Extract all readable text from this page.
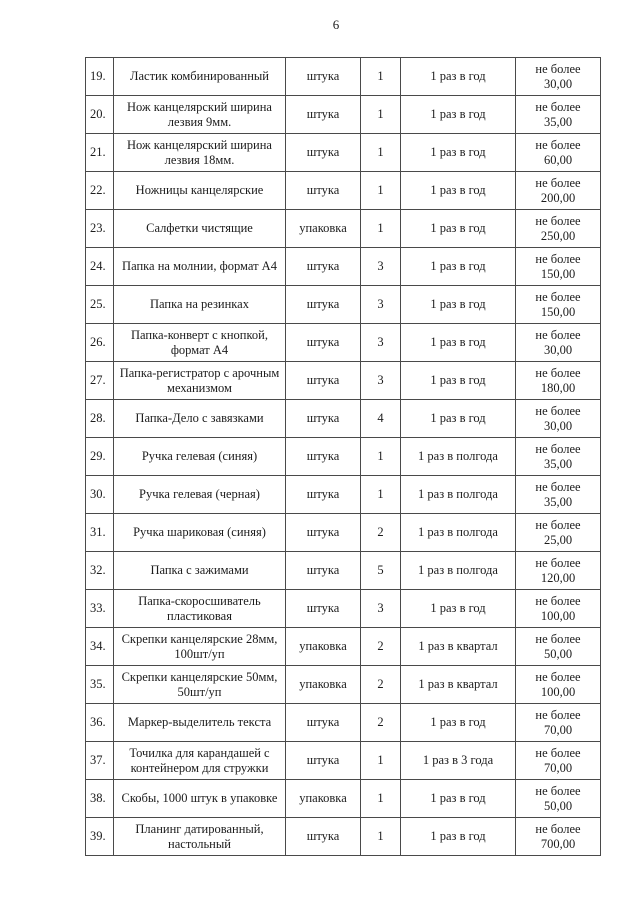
6
19.	Ластик комбинированный	штука	1	1 раз в год	не более
30,00

20.	Нож канцелярский ширина лезвия 9мм.	штука	1	1 раз в год	не более
35,00

21.	Нож канцелярский ширина лезвия 18мм.	штука	1	1 раз в год	не более
60,00

22.	Ножницы канцелярские	штука	1	1 раз в год	не более
200,00

23.	Салфетки чистящие	упаковка	1	1 раз в год	не более
250,00

24.	Папка на молнии, формат А4	штука	3	1 раз в год	не более
150,00

25.	Папка на резинках	штука	3	1 раз в год	не более
150,00

26.	Папка-конверт с кнопкой, формат А4	штука	3	1 раз в год	не более
30,00

27.	Папка-регистратор с арочным механизмом	штука	3	1 раз в год	не более
180,00

28.	Папка-Дело с завязками	штука	4	1 раз в год	не более
30,00

29.	Ручка гелевая (синяя)	штука	1	1 раз в полгода	не более
35,00

30.	Ручка гелевая (черная)	штука	1	1 раз в полгода	не более
35,00

31.	Ручка шариковая (синяя)	штука	2	1 раз в полгода	не более
25,00

32.	Папка с зажимами	штука	5	1 раз в полгода	не более
120,00

33.	Папка-скоросшиватель пластиковая	штука	3	1 раз в год	не более
100,00

34.	Скрепки канцелярские 28мм, 100шт/уп	упаковка	2	1 раз в квартал	не более
50,00

35.	Скрепки канцелярские 50мм, 50шт/уп	упаковка	2	1 раз в квартал	не более
100,00

36.	Маркер-выделитель текста	штука	2	1 раз в год	не более
70,00

37.	Точилка для карандашей с контейнером для стружки	штука	1	1 раз в 3 года	не более
70,00

38.	Скобы, 1000 штук в упаковке	упаковка	1	1 раз в год	не более
50,00

39.	Планинг датированный, настольный	штука	1	1 раз в год	не более
700,00
